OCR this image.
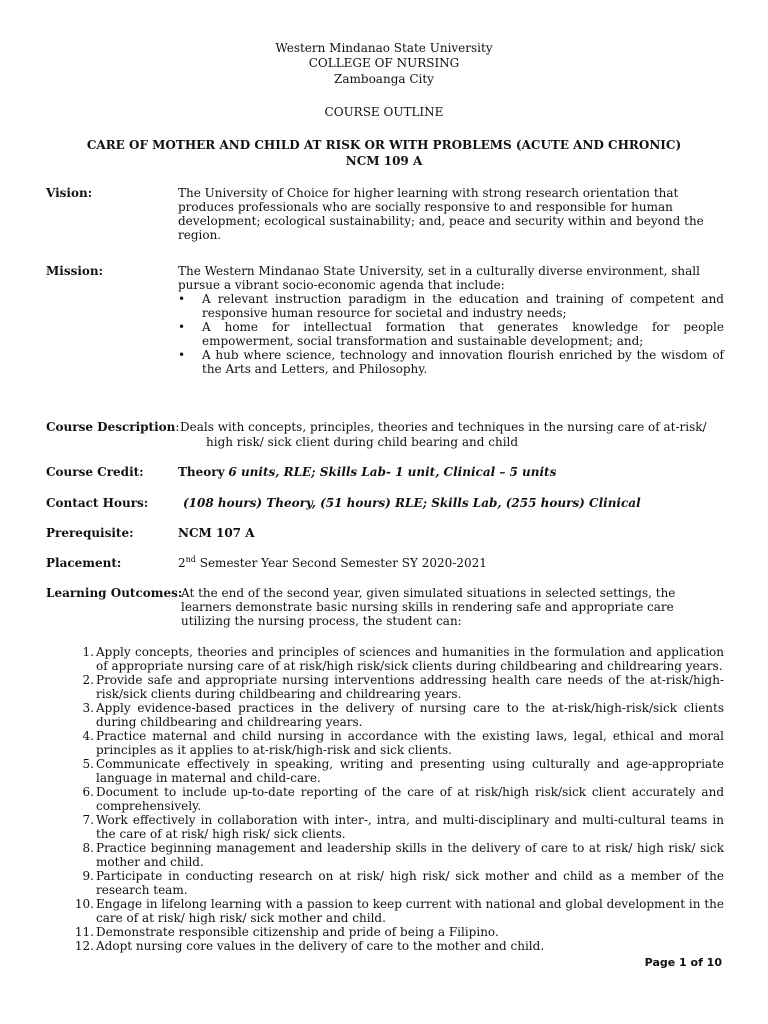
Western Mindanao State University
COLLEGE OF NURSING
Zamboanga City
COURSE OUTLINE
CARE OF MOTHER AND CHILD AT RISK OR WITH PROBLEMS (ACUTE AND CHRONIC)
NCM 109 A
Vision:	The University of Choice for higher learning with strong research orientation that produces professionals who are socially responsive to and responsible for human development; ecological sustainability; and, peace and security within and beyond the region.
Mission:	The Western Mindanao State University, set in a culturally diverse environment, shall pursue a vibrant socio-economic agenda that include:
• A relevant instruction paradigm in the education and training of competent and responsive human resource for societal and industry needs;
• A home for intellectual formation that generates knowledge for people empowerment, social transformation and sustainable development; and;
• A hub where science, technology and innovation flourish enriched by the wisdom of the Arts and Letters, and Philosophy.
Course Description: Deals with concepts, principles, theories and techniques in the nursing care of at-risk/
high risk/ sick client during child bearing and child
Course Credit:	Theory 6 units, RLE; Skills Lab- 1 unit, Clinical – 5 units
Contact Hours:	(108 hours) Theory, (51 hours) RLE; Skills Lab, (255 hours) Clinical
Prerequisite:	NCM 107 A
Placement:	2nd Semester Year Second Semester SY 2020-2021
Learning Outcomes:
At the end of the second year, given simulated situations in selected settings, the learners demonstrate basic nursing skills in rendering safe and appropriate care utilizing the nursing process, the student can:
1. Apply concepts, theories and principles of sciences and humanities in the formulation and application of appropriate nursing care of at risk/high risk/sick clients during childbearing and childrearing years.
2. Provide safe and appropriate nursing interventions addressing health care needs of the at-risk/high-risk/sick clients during childbearing and childrearing years.
3. Apply evidence-based practices in the delivery of nursing care to the at-risk/high-risk/sick clients during childbearing and childrearing years.
4. Practice maternal and child nursing in accordance with the existing laws, legal, ethical and moral principles as it applies to at-risk/high-risk and sick clients.
5. Communicate effectively in speaking, writing and presenting using culturally and age-appropriate language in maternal and child-care.
6. Document to include up-to-date reporting of the care of at risk/high risk/sick client accurately and comprehensively.
7. Work effectively in collaboration with inter-, intra, and multi-disciplinary and multi-cultural teams in the care of at risk/ high risk/ sick clients.
8. Practice beginning management and leadership skills in the delivery of care to at risk/ high risk/ sick mother and child.
9. Participate in conducting research on at risk/ high risk/ sick mother and child as a member of the research team.
10. Engage in lifelong learning with a passion to keep current with national and global development in the care of at risk/ high risk/ sick mother and child.
11. Demonstrate responsible citizenship and pride of being a Filipino.
12. Adopt nursing core values in the delivery of care to the mother and child.
Page 1 of 10
